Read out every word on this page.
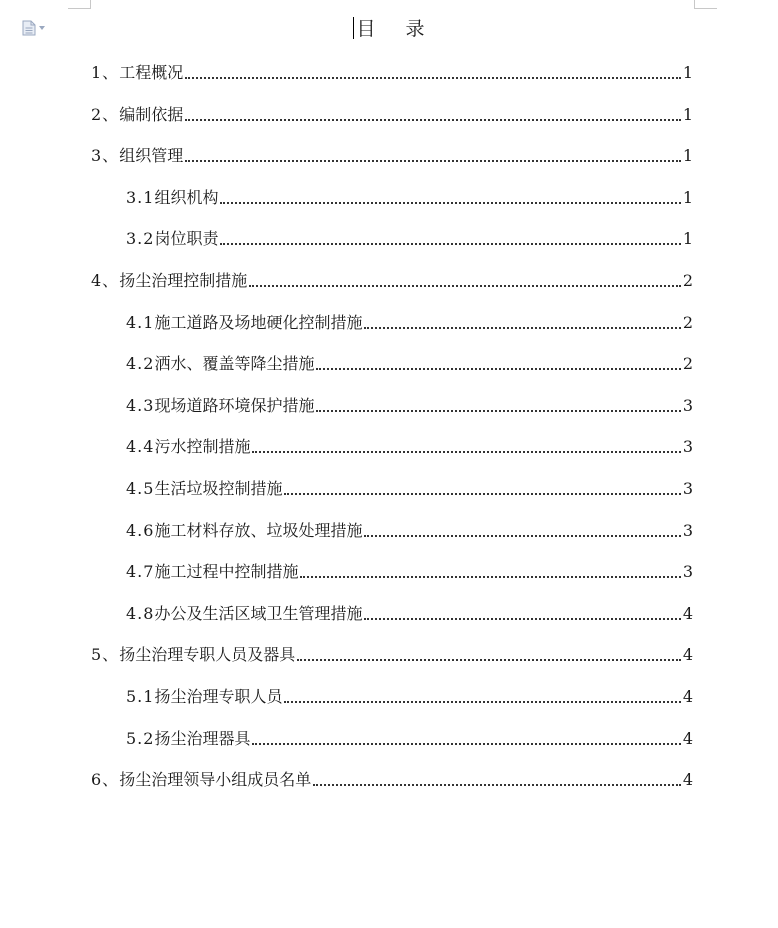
目 录
1、 工程概况	1
2、 编制依据	1
3、 组织管理	1
3.1 组织机构	1
3.2 岗位职责	1
4、 扬尘治理控制措施	2
4.1 施工道路及场地硬化控制措施	2
4.2 洒水、覆盖等降尘措施	2
4.3 现场道路环境保护措施	3
4.4 污水控制措施	3
4.5 生活垃圾控制措施	3
4.6 施工材料存放、垃圾处理措施	3
4.7 施工过程中控制措施	3
4.8 办公及生活区域卫生管理措施	4
5、 扬尘治理专职人员及器具	4
5.1 扬尘治理专职人员	4
5.2 扬尘治理器具	4
6、 扬尘治理领导小组成员名单	4
